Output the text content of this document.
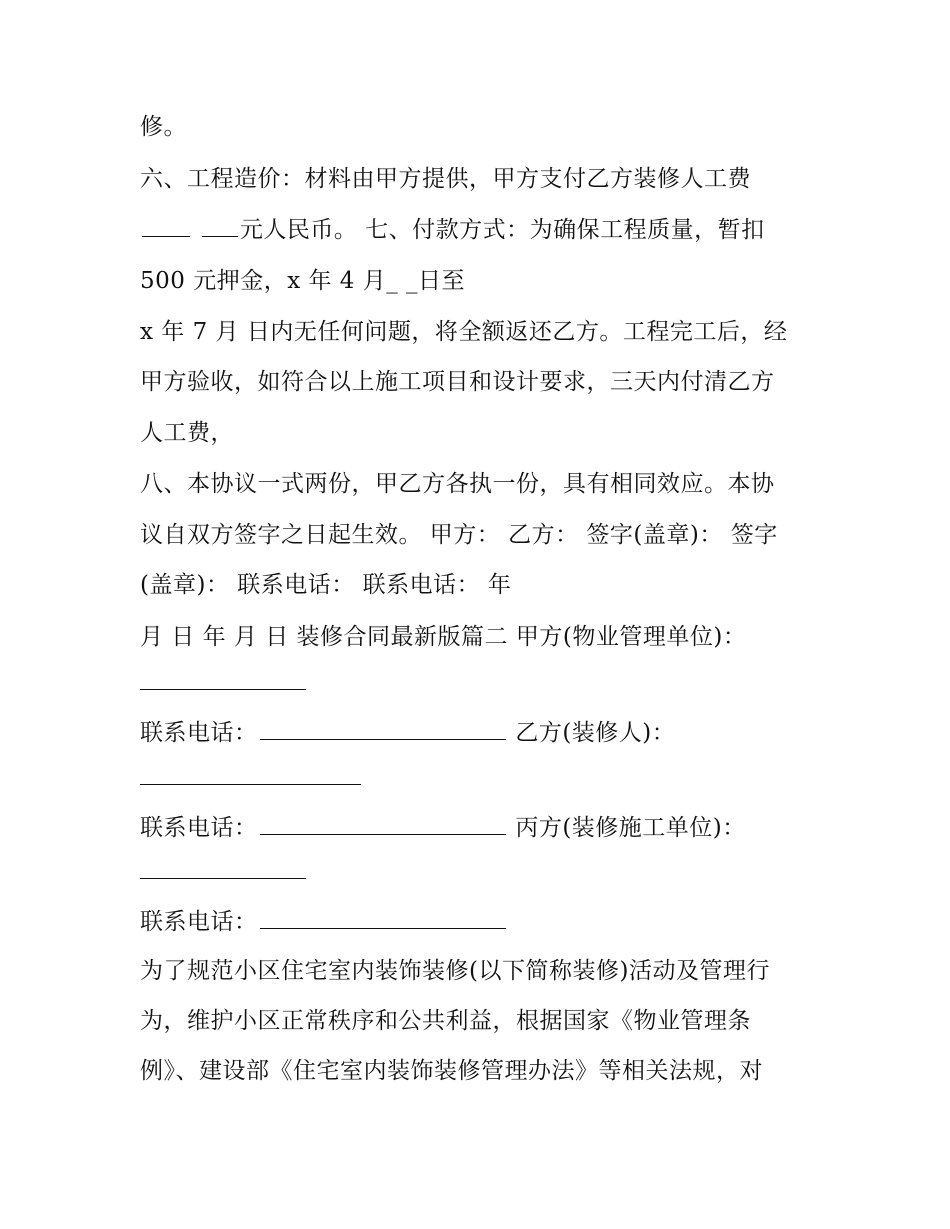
修。
六、工程造价：材料由甲方提供，甲方支付乙方装修人工费
元人民币。 七、付款方式：为确保工程质量，暂扣
500 元押金，x 年 4 月_ _日至
x 年 7 月 日内无任何问题，将全额返还乙方。工程完工后，经
甲方验收，如符合以上施工项目和设计要求，三天内付清乙方
人工费，
八、本协议一式两份，甲乙方各执一份，具有相同效应。本协
议自双方签字之日起生效。 甲方： 乙方： 签字(盖章)： 签字
(盖章)： 联系电话： 联系电话： 年
月 日 年 月 日 装修合同最新版篇二 甲方(物业管理单位)：
联系电话：	乙方(装修人)：
联系电话：	丙方(装修施工单位)：
联系电话：
为了规范小区住宅室内装饰装修(以下简称装修)活动及管理行
为，维护小区正常秩序和公共利益，根据国家《物业管理条
例》、建设部《住宅室内装饰装修管理办法》等相关法规，对
